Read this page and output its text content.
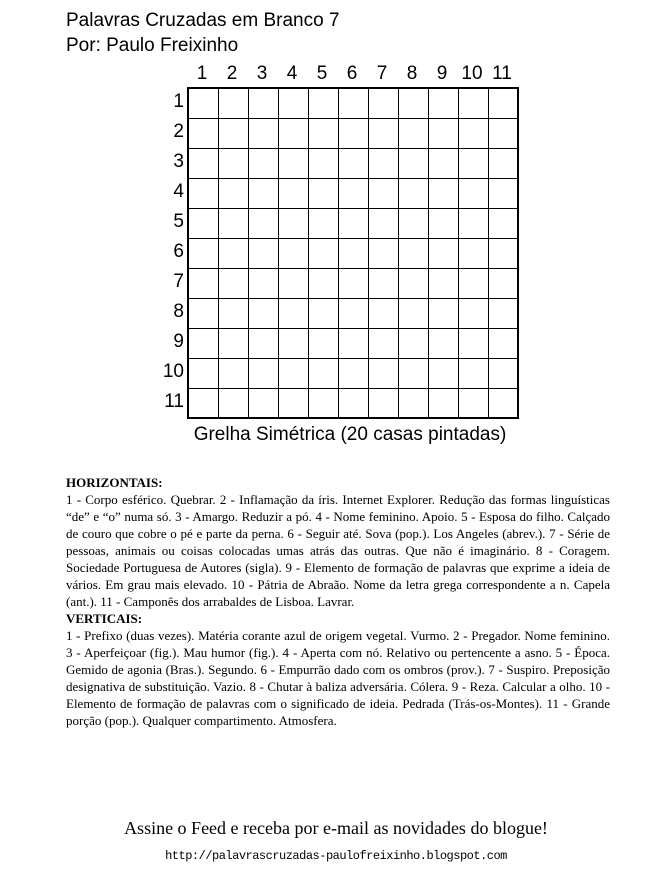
Palavras Cruzadas em Branco 7
Por: Paulo Freixinho
1	2	3	4	5	6	7	8	9 10 11
1
2
3
4
5
6
7
8
9
10
11
Grelha Simétrica (20 casas pintadas)
HORIZONTAIS:

1 - Corpo esférico. Quebrar. 2 - Inflamação da íris. Internet Explorer. Redução das formas linguísticas “de” e “o” numa só. 3 - Amargo. Reduzir a pó. 4 - Nome feminino. Apoio. 5 - Esposa do filho. Calçado de couro que cobre o pé e parte da perna. 6 - Seguir até. Sova (pop.). Los Angeles (abrev.). 7 - Série de pessoas, animais ou coisas colocadas umas atrás das outras. Que não é imaginário. 8 - Coragem. Sociedade Portuguesa de Autores (sigla). 9 - Elemento de formação de palavras que exprime a ideia de vários. Em grau mais elevado. 10 - Pátria de Abraão. Nome da letra grega correspondente a n. Capela (ant.). 11 - Camponês dos arrabaldes de Lisboa. Lavrar.

VERTICAIS:

1 - Prefixo (duas vezes). Matéria corante azul de origem vegetal. Vurmo. 2 - Pregador. Nome feminino. 3 - Aperfeiçoar (fig.). Mau humor (fig.). 4 - Aperta com nó. Relativo ou pertencente a asno. 5 - Época. Gemido de agonia (Bras.). Segundo. 6 - Empurrão dado com os ombros (prov.). 7 - Suspiro. Preposição designativa de substituição. Vazio. 8 - Chutar à baliza adversária. Cólera. 9 - Reza. Calcular a olho. 10 - Elemento de formação de palavras com o significado de ideia. Pedrada (Trás-os-Montes). 11 - Grande porção (pop.). Qualquer compartimento. Atmosfera.

Assine o Feed e receba por e-mail as novidades do blogue!
http://palavrascruzadas-paulofreixinho.blogspot.com
